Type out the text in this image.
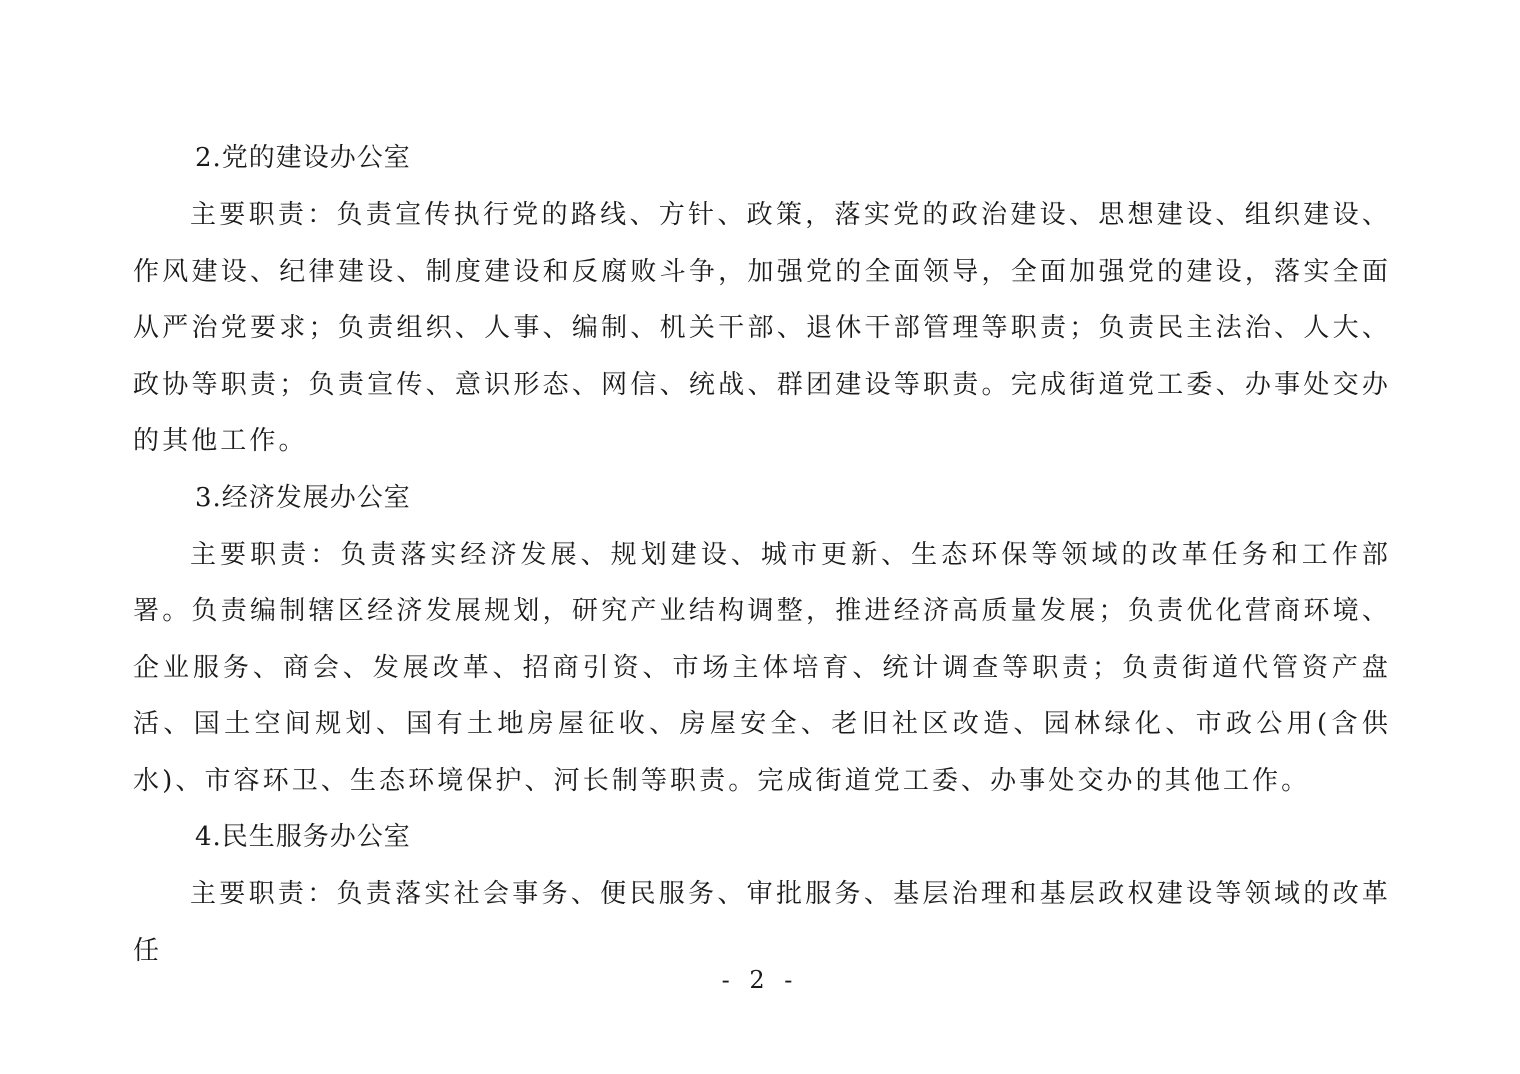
2.党的建设办公室

主要职责：负责宣传执行党的路线、方针、政策，落实党的政治建设、思想建设、组织建设、作风建设、纪律建设、制度建设和反腐败斗争，加强党的全面领导，全面加强党的建设，落实全面从严治党要求；负责组织、人事、编制、机关干部、退休干部管理等职责；负责民主法治、人大、政协等职责；负责宣传、意识形态、网信、统战、群团建设等职责。完成街道党工委、办事处交办的其他工作。

3.经济发展办公室

主要职责：负责落实经济发展、规划建设、城市更新、生态环保等领域的改革任务和工作部署。负责编制辖区经济发展规划，研究产业结构调整，推进经济高质量发展；负责优化营商环境、企业服务、商会、发展改革、招商引资、市场主体培育、统计调查等职责；负责街道代管资产盘活、国土空间规划、国有土地房屋征收、房屋安全、老旧社区改造、园林绿化、市政公用(含供水)、市容环卫、生态环境保护、河长制等职责。完成街道党工委、办事处交办的其他工作。

4.民生服务办公室

主要职责：负责落实社会事务、便民服务、审批服务、基层治理和基层政权建设等领域的改革任

- 2 -
